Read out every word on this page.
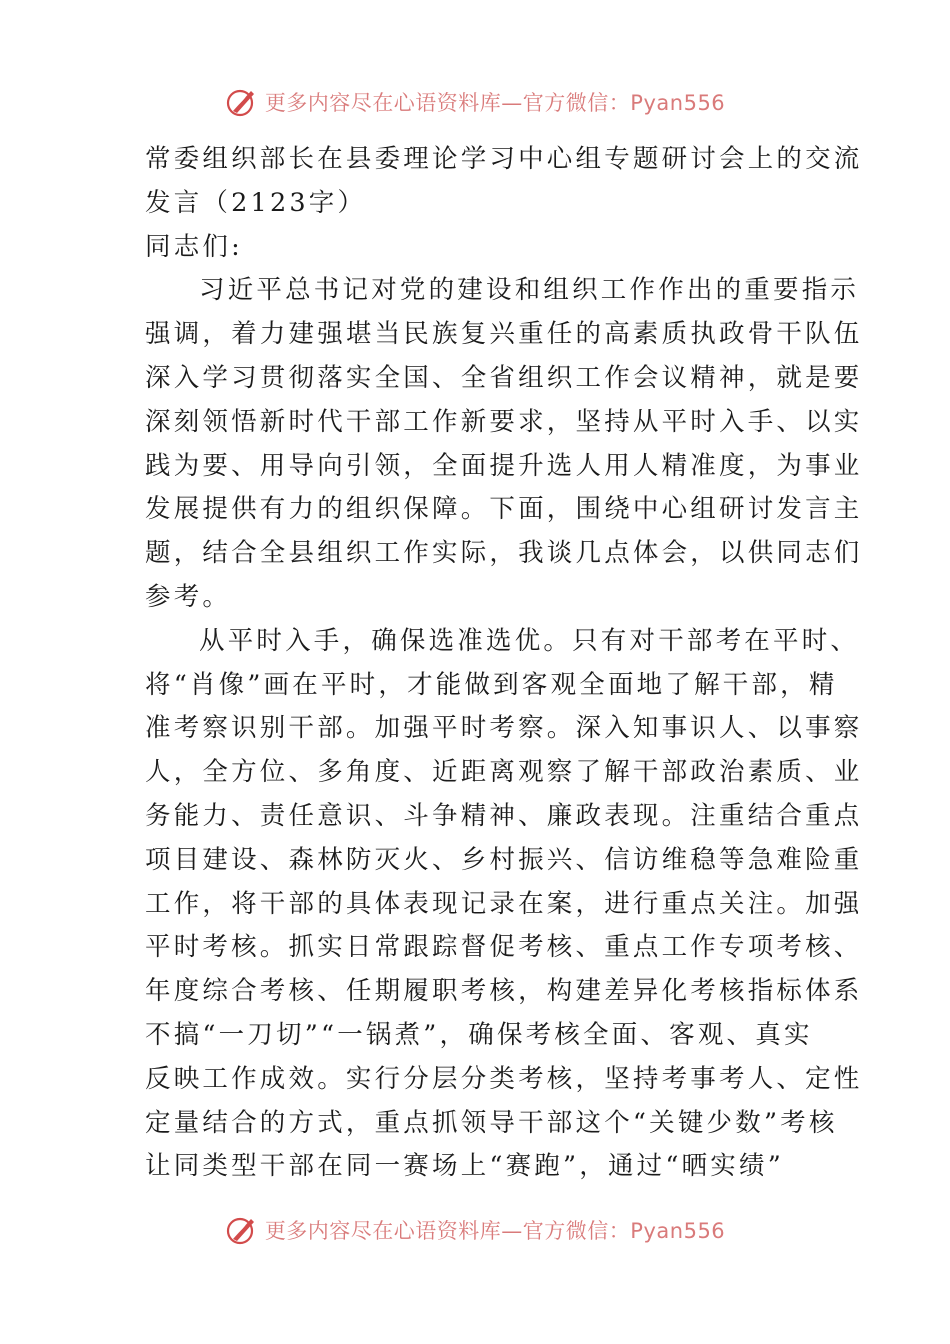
更多内容尽在心语资料库—官方微信：Pyan556
常委组织部长在县委理论学习中心组专题研讨会上的交流
发言（2123字）
同志们:
习近平总书记对党的建设和组织工作作出的重要指示
强调，着力建强堪当民族复兴重任的高素质执政骨干队伍
深入学习贯彻落实全国、全省组织工作会议精神，就是要
深刻领悟新时代干部工作新要求，坚持从平时入手、以实
践为要、用导向引领，全面提升选人用人精准度，为事业
发展提供有力的组织保障。下面，围绕中心组研讨发言主
题，结合全县组织工作实际，我谈几点体会，以供同志们
参考。
从平时入手，确保选准选优。只有对干部考在平时、
将“肖像”画在平时，才能做到客观全面地了解干部，精
准考察识别干部。加强平时考察。深入知事识人、以事察
人，全方位、多角度、近距离观察了解干部政治素质、业
务能力、责任意识、斗争精神、廉政表现。注重结合重点
项目建设、森林防灭火、乡村振兴、信访维稳等急难险重
工作，将干部的具体表现记录在案，进行重点关注。加强
平时考核。抓实日常跟踪督促考核、重点工作专项考核、
年度综合考核、任期履职考核，构建差异化考核指标体系
不搞“一刀切”“一锅煮”，确保考核全面、客观、真实
反映工作成效。实行分层分类考核，坚持考事考人、定性
定量结合的方式，重点抓领导干部这个“关键少数”考核
让同类型干部在同一赛场上“赛跑”，通过“晒实绩”
更多内容尽在心语资料库—官方微信：Pyan556
